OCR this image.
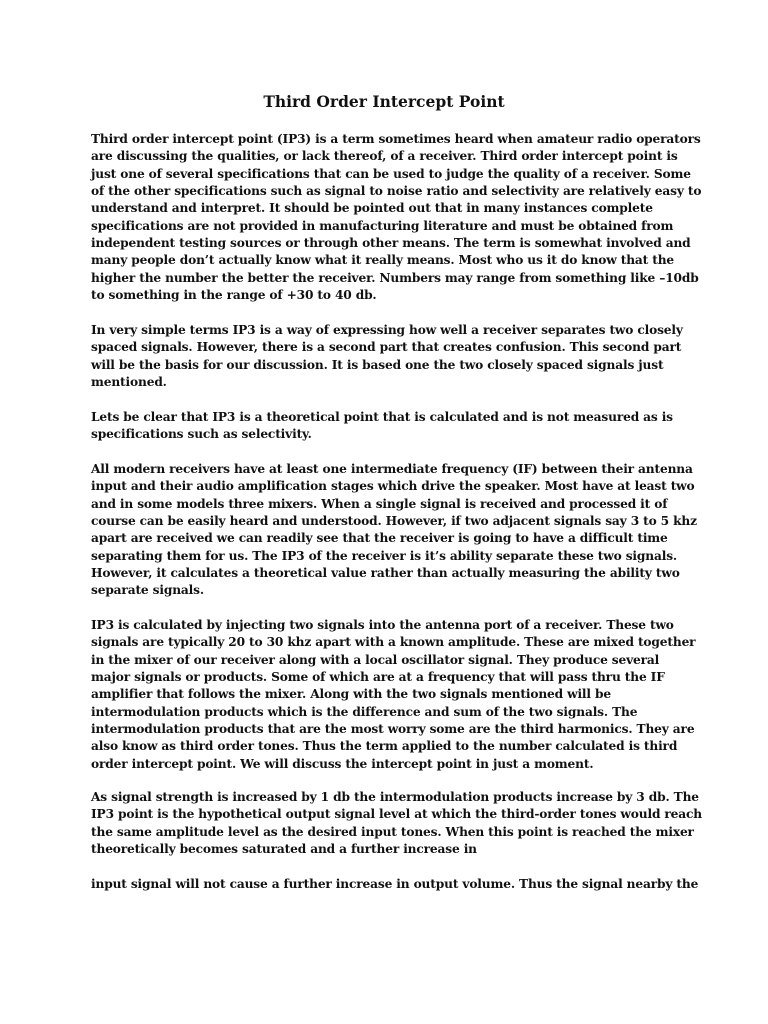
Third Order Intercept Point

Third order intercept point (IP3) is a term sometimes heard when amateur radio operators
are discussing the qualities, or lack thereof, of a receiver. Third order intercept point is
just one of several specifications that can be used to judge the quality of a receiver. Some
of the other specifications such as signal to noise ratio and selectivity are relatively easy to
understand and interpret. It should be pointed out that in many instances complete
specifications are not provided in manufacturing literature and must be obtained from
independent testing sources or through other means. The term is somewhat involved and
many people don’t actually know what it really means. Most who us it do know that the
higher the number the better the receiver. Numbers may range from something like –10db
to something in the range of +30 to 40 db.

In very simple terms IP3 is a way of expressing how well a receiver separates two closely
spaced signals. However, there is a second part that creates confusion. This second part
will be the basis for our discussion. It is based one the two closely spaced signals just
mentioned.

Lets be clear that IP3 is a theoretical point that is calculated and is not measured as is
specifications such as selectivity.

All modern receivers have at least one intermediate frequency (IF) between their antenna
input and their audio amplification stages which drive the speaker. Most have at least two
and in some models three mixers. When a single signal is received and processed it of
course can be easily heard and understood. However, if two adjacent signals say 3 to 5 khz
apart are received we can readily see that the receiver is going to have a difficult time
separating them for us. The IP3 of the receiver is it’s ability separate these two signals.
However, it calculates a theoretical value rather than actually measuring the ability two
separate signals.

IP3 is calculated by injecting two signals into the antenna port of a receiver. These two
signals are typically 20 to 30 khz apart with a known amplitude. These are mixed together
in the mixer of our receiver along with a local oscillator signal. They produce several
major signals or products. Some of which are at a frequency that will pass thru the IF
amplifier that follows the mixer. Along with the two signals mentioned will be
intermodulation products which is the difference and sum of the two signals. The
intermodulation products that are the most worry some are the third harmonics. They are
also know as third order tones. Thus the term applied to the number calculated is third
order intercept point. We will discuss the intercept point in just a moment.

As signal strength is increased by 1 db the intermodulation products increase by 3 db. The
IP3 point is the hypothetical output signal level at which the third-order tones would reach
the same amplitude level as the desired input tones. When this point is reached the mixer
theoretically becomes saturated and a further increase in

input signal will not cause a further increase in output volume. Thus the signal nearby the
